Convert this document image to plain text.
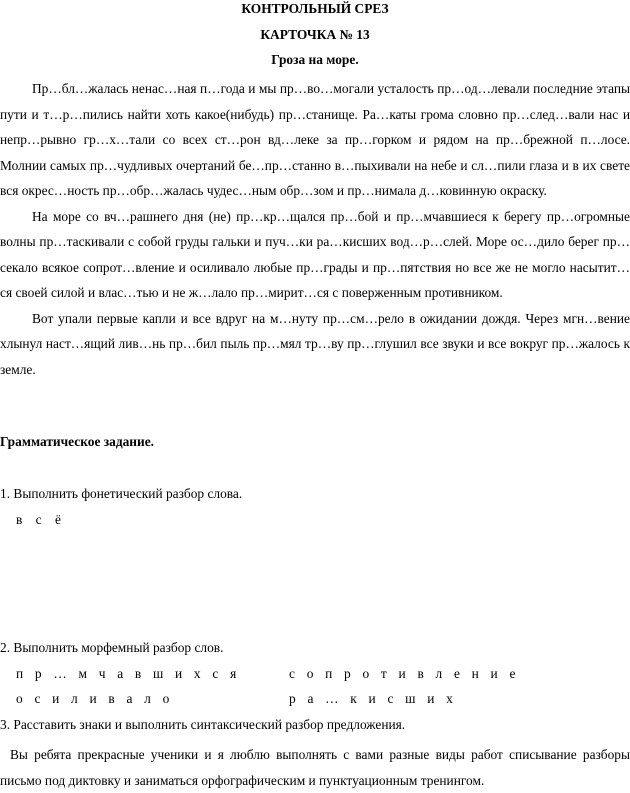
КОНТРОЛЬНЫЙ СРЕЗ
КАРТОЧКА № 13
Гроза на море.

Пр…бл…жалась ненас…ная п…года и мы пр…во…могали усталость пр…од…левали последние этапы пути и т…р…пились найти хоть какое(нибудь) пр…станище. Ра…каты грома словно пр…след…вали нас и непр…рывно гр…х…тали со всех ст…рон вд…леке за пр…горком и рядом на пр…брежной п…лосе. Молнии самых пр…чудливых очертаний бе…пр…станно в…пыхивали на небе и сл…пили глаза и в их свете вся окрес…ность пр…обр…жалась чудес…ным обр…зом и пр…нимала д…ковинную окраску.

На море со вч…рашнего дня (не) пр…кр…щался пр…бой и пр…мчавшиеся к берегу пр…огромные волны пр…таскивали с собой груды гальки и пуч…ки ра…кисших вод…р…слей. Море ос…дило берег пр…секало всякое сопрот…вление и осиливало любые пр…грады и пр…пятствия но все же не могло насытит…ся своей силой и влас…тью и не ж…лало пр…мирит…ся с поверженным противником.

Вот упали первые капли и все вдруг на м…нуту пр…см…рело в ожидании дождя. Через мгн…вение хлынул наст…ящий лив…нь пр…бил пыль пр…мял тр…ву пр…глушил все звуки и все вокруг пр…жалось к земле.

Грамматическое задание.
1. Выполнить фонетический разбор слова.
в с ё
2. Выполнить морфемный разбор слов.
п р … м ч а в ш и х с я	с о п р о т и в л е н и е
о с и л и в а л о	р а … к и с ш и х
3. Расставить знаки и выполнить синтаксический разбор предложения.

Вы ребята прекрасные ученики и я люблю выполнять с вами разные виды работ списывание разборы письмо под диктовку и заниматься орфографическим и пунктуационным тренингом.
